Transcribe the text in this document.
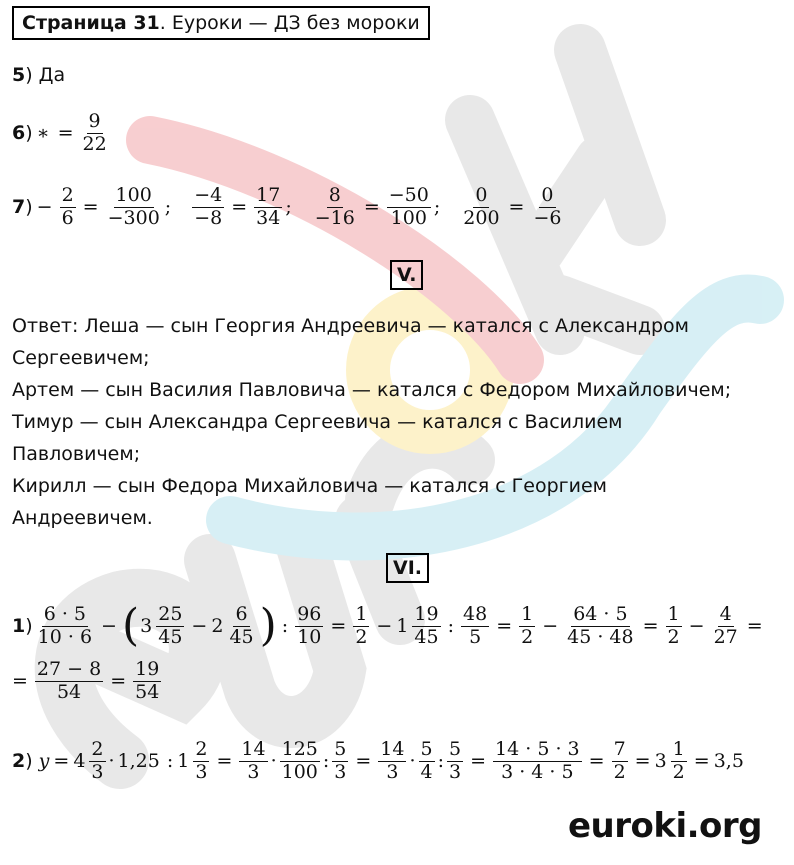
Страница 31 . Еуроки — ДЗ без мороки
5 ) Да
6 ) ∗ = $\frac{9}{22}$
7 ) − $\frac{2}{6} = \frac{100}{-300}$ ; $\frac{-4}{-8} = \frac{17}{34}$ ; $\frac{8}{-16} = \frac{-50}{100}$ ; $\frac{0}{200} = \frac{0}{-6}$
V.
Ответ: Леша — сын Георгия Андреевича — катался с Александром
Сергеевичем;
Артем — сын Василия Павловича — катался с Федором Михайловичем;
Тимур — сын Александра Сергеевича — катался с Василием
Павловичем;
Кирилл — сын Федора Михайловича — катался с Георгием
Андреевичем.
VI.
1 ) $\frac{6 \cdot 5}{10 \cdot 6}$ − ( $3 \frac{25}{45} - 2 \frac{6}{45}$ ) : $\frac{96}{10} = \frac{1}{2} - 1 \frac{19}{45}$ : $\frac{48}{5} = \frac{1}{2} - \frac{64 \cdot 5}{45 \cdot 48} = \frac{1}{2} - \frac{4}{27}$ =
= $\frac{27 - 8}{54} = \frac{19}{54}$
2 ) $y = 4 \frac{2}{3} \cdot 1,25$ : $1 \frac{2}{3} = \frac{14}{3} \cdot \frac{125}{100}$ : $\frac{5}{3} = \frac{14}{3} \cdot \frac{5}{4}$ : $\frac{5}{3} = \frac{14 \cdot 5 \cdot 3}{3 \cdot 4 \cdot 5} = \frac{7}{2} = 3 \frac{1}{2} = 3,5$
euroki.org
